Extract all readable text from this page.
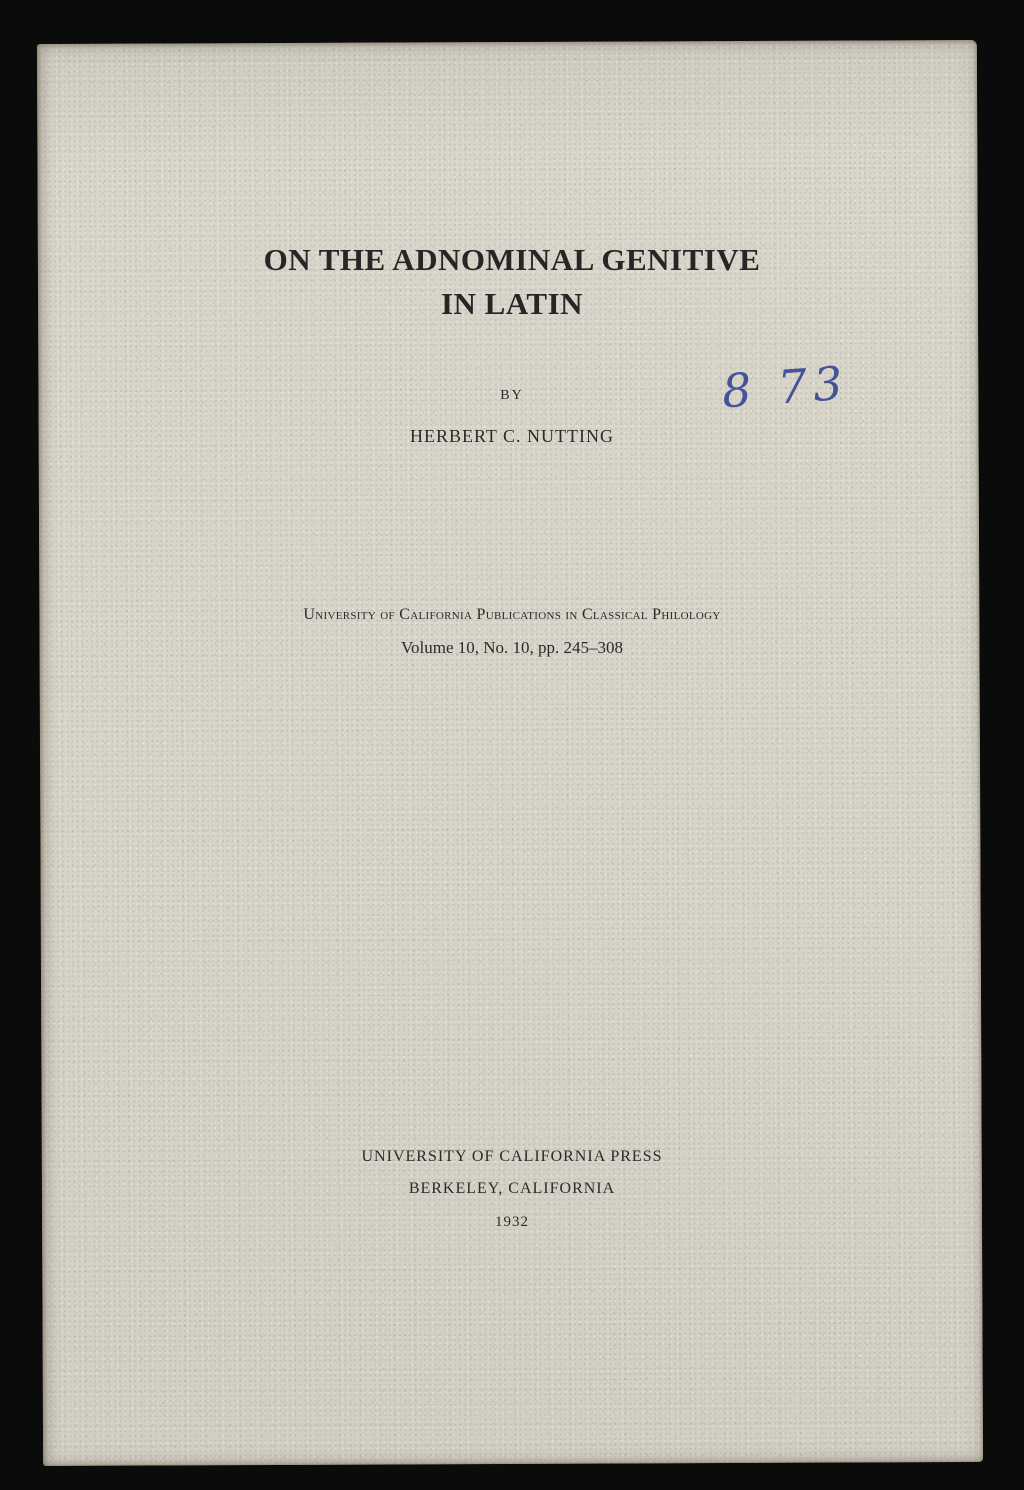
ON THE ADNOMINAL GENITIVE
IN LATIN

BY

HERBERT C. NUTTING

University of California Publications in Classical Philology

Volume 10, No. 10, pp. 245–308

UNIVERSITY OF CALIFORNIA PRESS

BERKELEY, CALIFORNIA

1932

8 73
